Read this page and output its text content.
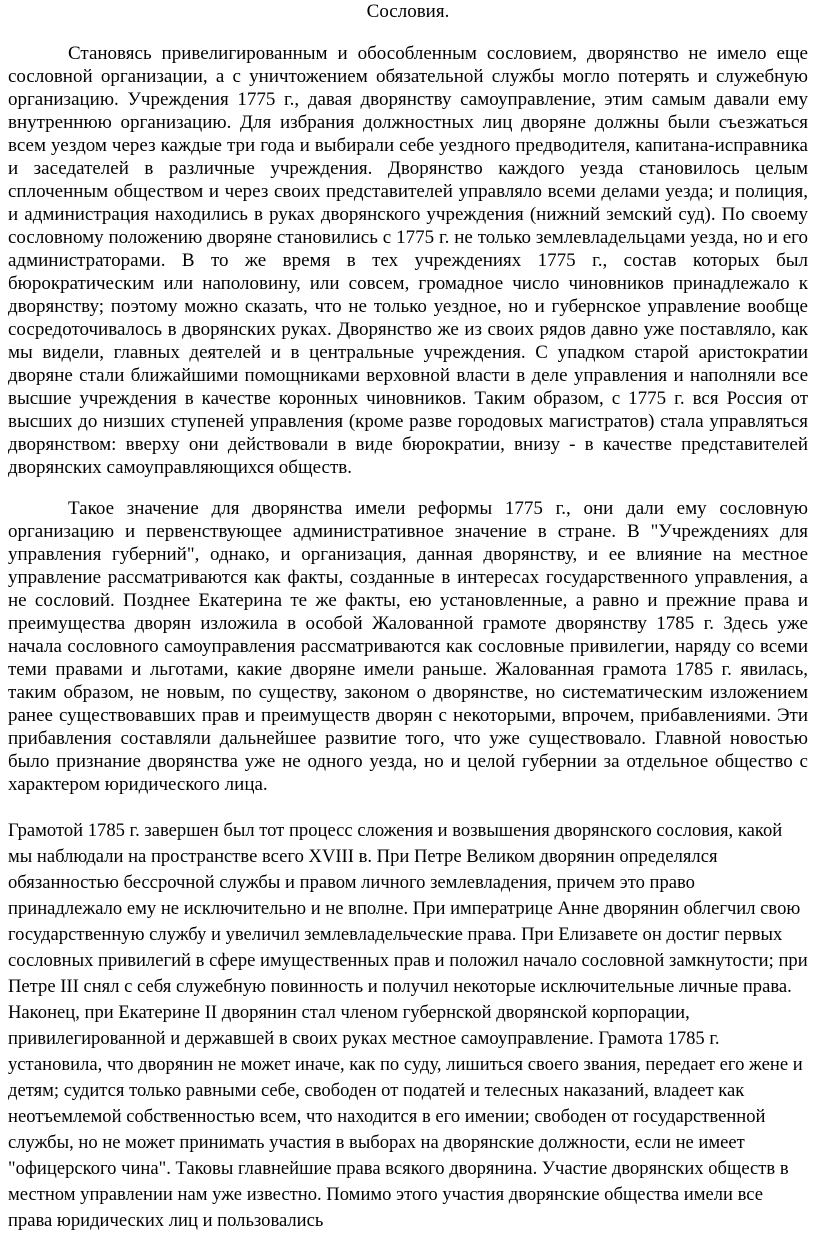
Сословия.

Становясь привелигированным и обособленным сословием, дворянство не имело еще сословной организации, а с уничтожением обязательной службы могло потерять и служебную организацию. Учреждения 1775 г., давая дворянству самоуправление, этим самым давали ему внутреннюю организацию. Для избрания должностных лиц дворяне должны были съезжаться всем уездом через каждые три года и выбирали себе уездного предводителя, капитана-исправника и заседателей в различные учреждения. Дворянство каждого уезда становилось целым сплоченным обществом и через своих представителей управляло всеми делами уезда; и полиция, и администрация находились в руках дворянского учреждения (нижний земский суд). По своему сословному положению дворяне становились с 1775 г. не только землевладельцами уезда, но и его администраторами. В то же время в тех учреждениях 1775 г., состав которых был бюрократическим или наполовину, или совсем, громадное число чиновников принадлежало к дворянству; поэтому можно сказать, что не только уездное, но и губернское управление вообще сосредоточивалось в дворянских руках. Дворянство же из своих рядов давно уже поставляло, как мы видели, главных деятелей и в центральные учреждения. С упадком старой аристократии дворяне стали ближайшими помощниками верховной власти в деле управления и наполняли все высшие учреждения в качестве коронных чиновников. Таким образом, с 1775 г. вся Россия от высших до низших ступеней управления (кроме разве городовых магистратов) стала управляться дворянством: вверху они действовали в виде бюрократии, внизу - в качестве представителей дворянских самоуправляющихся обществ.

Такое значение для дворянства имели реформы 1775 г., они дали ему сословную организацию и первенствующее административное значение в стране. В "Учреждениях для управления губерний", однако, и организация, данная дворянству, и ее влияние на местное управление рассматриваются как факты, созданные в интересах государственного управления, а не сословий. Позднее Екатерина те же факты, ею установленные, а равно и прежние права и преимущества дворян изложила в особой Жалованной грамоте дворянству 1785 г. Здесь уже начала сословного самоуправления рассматриваются как сословные привилегии, наряду со всеми теми правами и льготами, какие дворяне имели раньше. Жалованная грамота 1785 г. явилась, таким образом, не новым, по существу, законом о дворянстве, но систематическим изложением ранее существовавших прав и преимуществ дворян с некоторыми, впрочем, прибавлениями. Эти прибавления составляли дальнейшее развитие того, что уже существовало. Главной новостью было признание дворянства уже не одного уезда, но и целой губернии за отдельное общество с характером юридического лица.

Грамотой 1785 г. завершен был тот процесс сложения и возвышения дворянского сословия, какой мы наблюдали на пространстве всего XVIII в. При Петре Великом дворянин определялся обязанностью бессрочной службы и правом личного землевладения, причем это право принадлежало ему не исключительно и не вполне. При императрице Анне дворянин облегчил свою государственную службу и увеличил землевладельческие права. При Елизавете он достиг первых сословных привилегий в сфере имущественных прав и положил начало сословной замкнутости; при Петре III снял с себя служебную повинность и получил некоторые исключительные личные права. Наконец, при Екатерине II дворянин стал членом губернской дворянской корпорации, привилегированной и державшей в своих руках местное самоуправление. Грамота 1785 г. установила, что дворянин не может иначе, как по суду, лишиться своего звания, передает его жене и детям; судится только равными себе, свободен от податей и телесных наказаний, владеет как неотъемлемой собственностью всем, что находится в его имении; свободен от государственной службы, но не может принимать участия в выборах на дворянские должности, если не имеет "офицерского чина". Таковы главнейшие права всякого дворянина. Участие дворянских обществ в местном управлении нам уже известно. Помимо этого участия дворянские общества имели все права юридических лиц и пользовались
